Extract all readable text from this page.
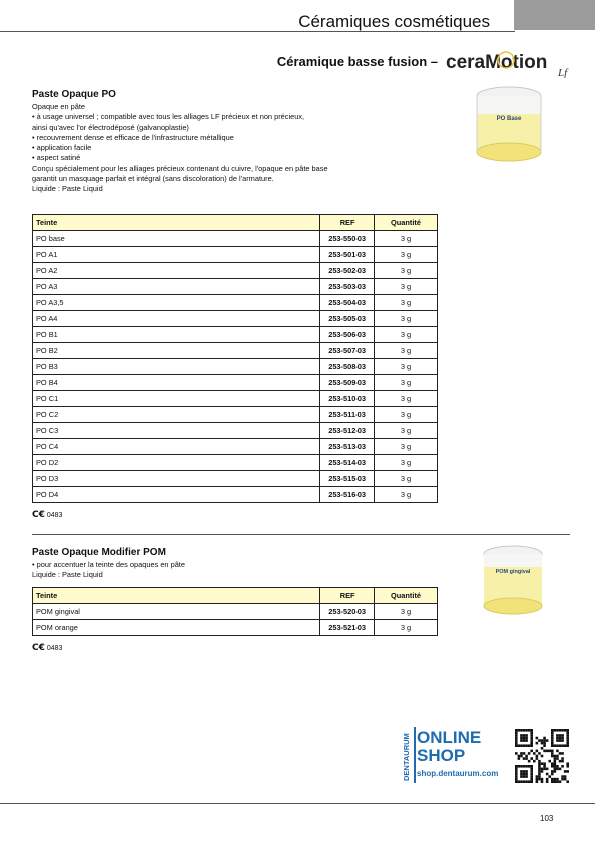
Céramiques cosmétiques
Céramique basse fusion – ceraMotion Lf
Paste Opaque PO
Opaque en pâte
• à usage universel ; compatible avec tous les alliages LF précieux et non précieux,
ainsi qu'avec l'or électrodéposé (galvanoplastie)
• recouvrement dense et efficace de l'infrastructure métallique
• application facile
• aspect satiné
Conçu spécialement pour les alliages précieux contenant du cuivre, l'opaque en pâte base
garantit un masquage parfait et intégral (sans discoloration) de l'armature.
Liquide : Paste Liquid
PO Base
Teinte	REF	Quantité
PO base	253-550-03	3 g
PO A1	253-501-03	3 g
PO A2	253-502-03	3 g
PO A3	253-503-03	3 g
PO A3,5	253-504-03	3 g
PO A4	253-505-03	3 g
PO B1	253-506-03	3 g
PO B2	253-507-03	3 g
PO B3	253-508-03	3 g
PO B4	253-509-03	3 g
PO C1	253-510-03	3 g
PO C2	253-511-03	3 g
PO C3	253-512-03	3 g
PO C4	253-513-03	3 g
PO D2	253-514-03	3 g
PO D3	253-515-03	3 g
PO D4	253-516-03	3 g
C€ 0483
Paste Opaque Modifier POM
• pour accentuer la teinte des opaques en pâte
Liquide : Paste Liquid	POM gingival
Teinte	REF	Quantité
POM gingival	253-520-03	3 g
POM orange	253-521-03	3 g
C€ 0483
DENTAURUM ONLINE
SHOP
shop.dentaurum.com
103
